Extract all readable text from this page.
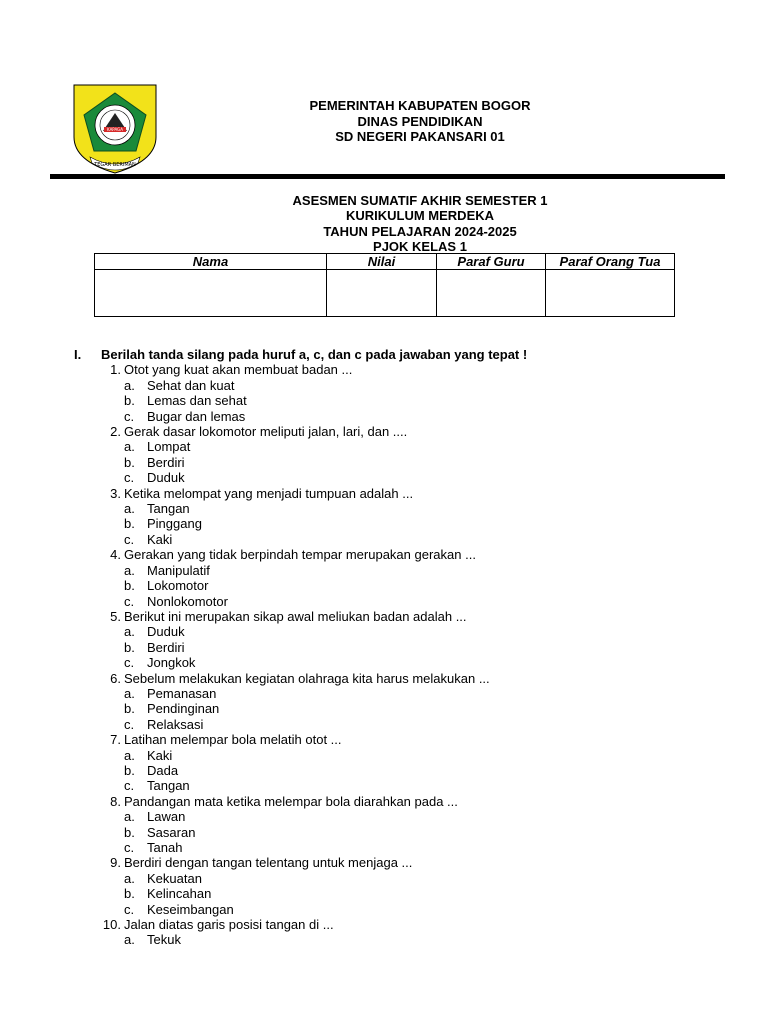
KAPAGA
TEGAR BERIMAN
PEMERINTAH KABUPATEN BOGOR
DINAS PENDIDIKAN
SD NEGERI PAKANSARI 01
ASESMEN SUMATIF AKHIR SEMESTER 1
KURIKULUM MERDEKA
TAHUN PELAJARAN 2024-2025
PJOK KELAS 1
Nama	Nilai	Paraf Guru	Paraf Orang Tua

I. Berilah tanda silang pada huruf a, c, dan c pada jawaban yang tepat !
1. Otot yang kuat akan membuat badan ...
a. Sehat dan kuat
b. Lemas dan sehat
c. Bugar dan lemas
2. Gerak dasar lokomotor meliputi jalan, lari, dan ....
a. Lompat
b. Berdiri
c. Duduk
3. Ketika melompat yang menjadi tumpuan adalah ...
a. Tangan
b. Pinggang
c. Kaki
4. Gerakan yang tidak berpindah tempar merupakan gerakan ...
a. Manipulatif
b. Lokomotor
c. Nonlokomotor
5. Berikut ini merupakan sikap awal meliukan badan adalah ...
a. Duduk
b. Berdiri
c. Jongkok
6. Sebelum melakukan kegiatan olahraga kita harus melakukan ...
a. Pemanasan
b. Pendinginan
c. Relaksasi
7. Latihan melempar bola melatih otot ...
a. Kaki
b. Dada
c. Tangan
8. Pandangan mata ketika melempar bola diarahkan pada ...
a. Lawan
b. Sasaran
c. Tanah
9. Berdiri dengan tangan telentang untuk menjaga ...
a. Kekuatan
b. Kelincahan
c. Keseimbangan
10. Jalan diatas garis posisi tangan di ...
a. Tekuk
